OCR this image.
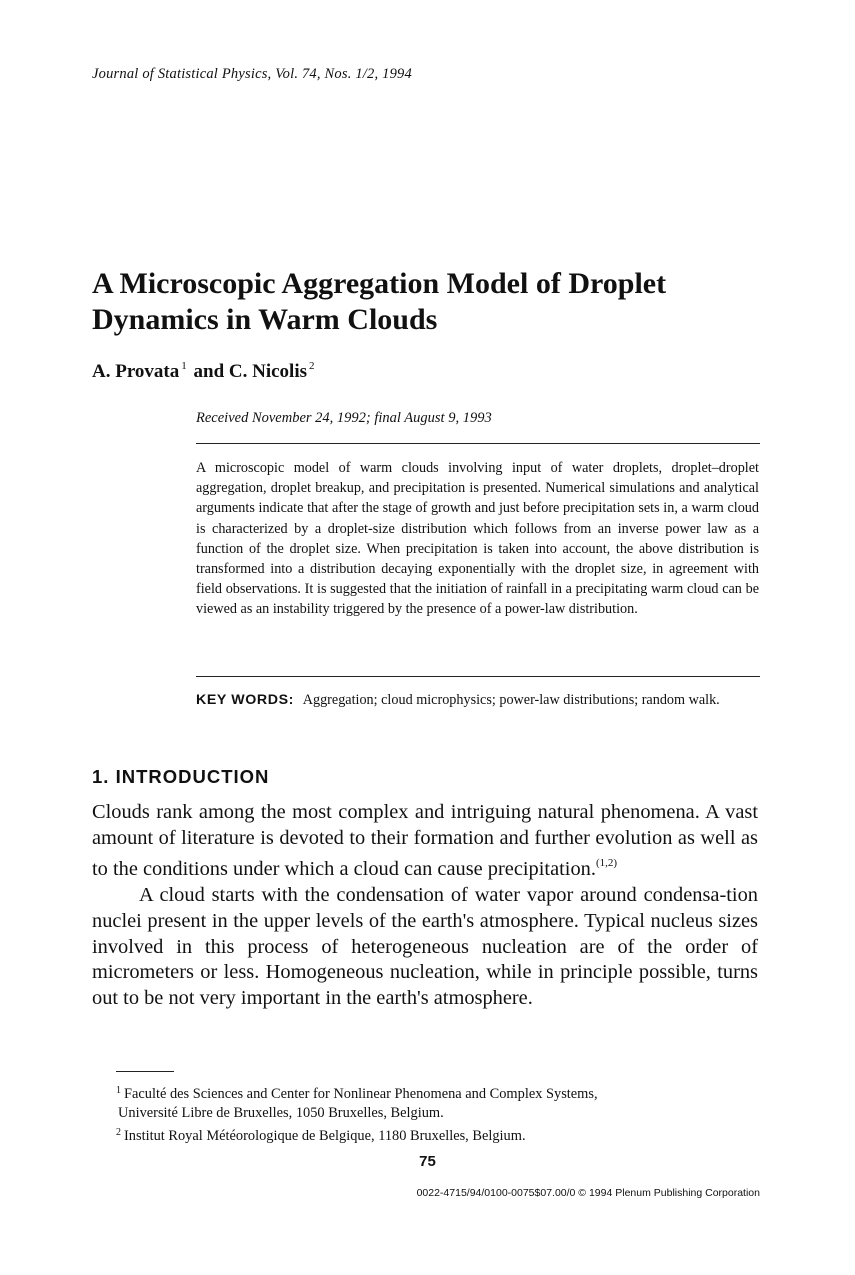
Journal of Statistical Physics, Vol. 74, Nos. 1/2, 1994
A Microscopic Aggregation Model of Droplet
Dynamics in Warm Clouds
A. Provata $^1$ and C. Nicolis $^2$
Received November 24, 1992; final August 9, 1993
A microscopic model of warm clouds involving input of water droplets, droplet–droplet aggregation, droplet breakup, and precipitation is presented. Numerical simulations and analytical arguments indicate that after the stage of growth and just before precipitation sets in, a warm cloud is characterized by a droplet-size distribution which follows from an inverse power law as a function of the droplet size. When precipitation is taken into account, the above distribution is transformed into a distribution decaying exponentially with the droplet size, in agreement with field observations. It is suggested that the initiation of rainfall in a precipitating warm cloud can be viewed as an instability triggered by the presence of a power-law distribution.
KEY WORDS: Aggregation; cloud microphysics; power-law distributions; random walk.
1. INTRODUCTION

Clouds rank among the most complex and intriguing natural phenomena. A vast amount of literature is devoted to their formation and further evolution as well as to the conditions under which a cloud can cause precipitation.$^{(1,2)}$

A cloud starts with the condensation of water vapor around condensa-tion nuclei present in the upper levels of the earth's atmosphere. Typical nucleus sizes involved in this process of heterogeneous nucleation are of the order of micrometers or less. Homogeneous nucleation, while in principle possible, turns out to be not very important in the earth's atmosphere.

$^1$ Faculté des Sciences and Center for Nonlinear Phenomena and Complex Systems,
Université Libre de Bruxelles, 1050 Bruxelles, Belgium.
$^2$ Institut Royal Météorologique de Belgique, 1180 Bruxelles, Belgium.
75
0022-4715/94/0100-0075$07.00/0 © 1994 Plenum Publishing Corporation
